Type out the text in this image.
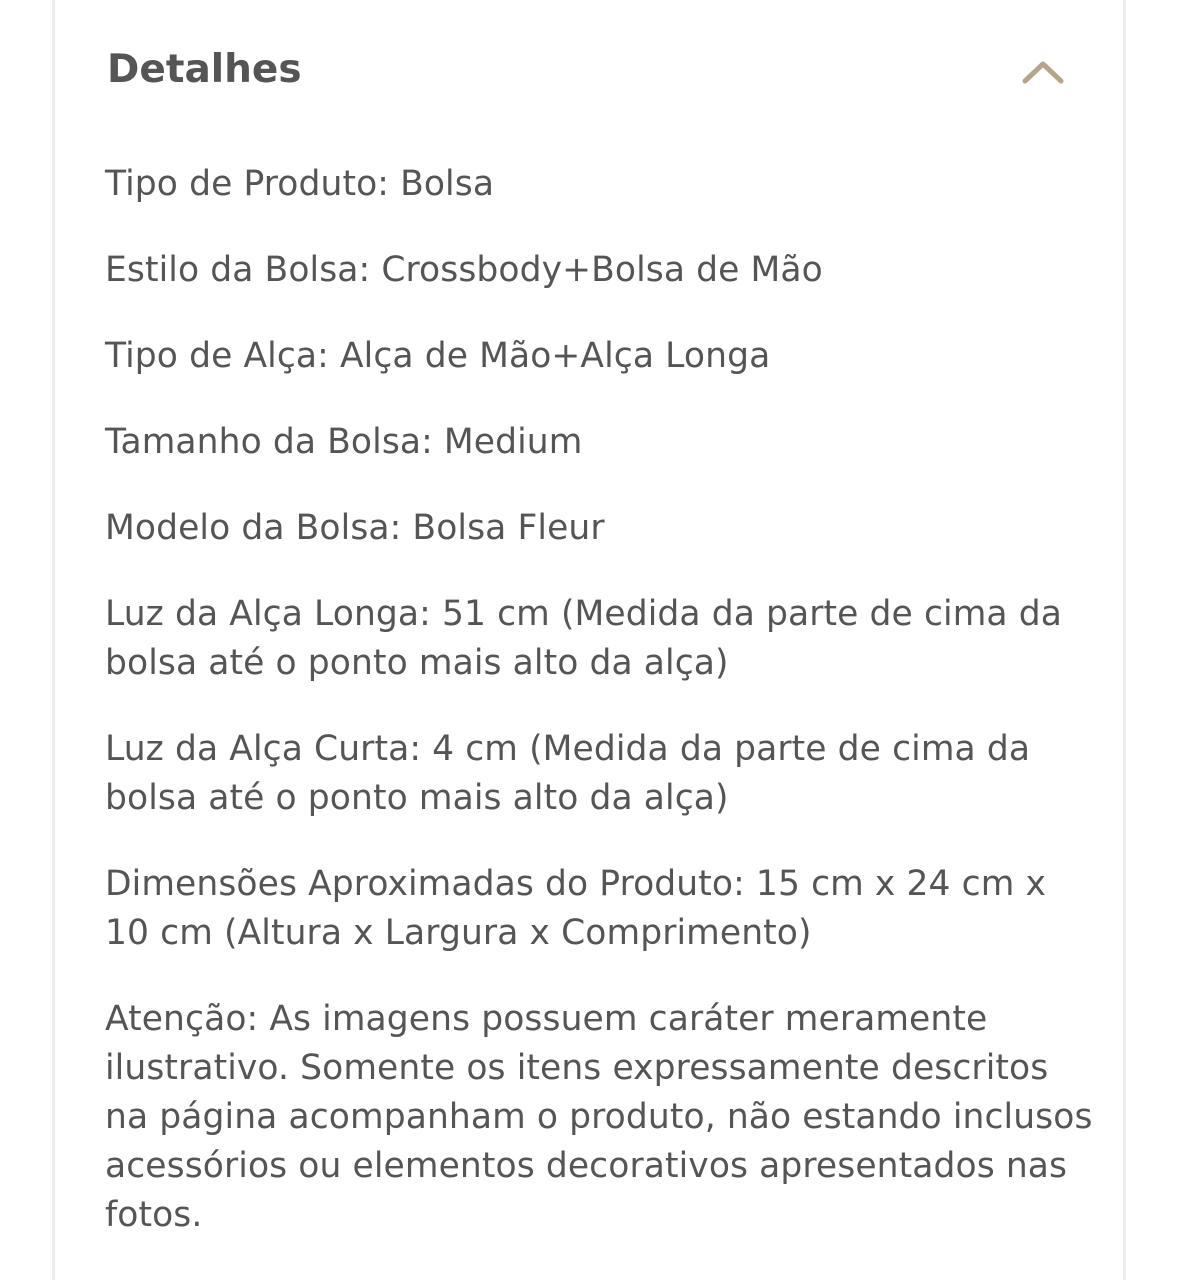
Detalhes

Tipo de Produto: Bolsa

Estilo da Bolsa: Crossbody+Bolsa de Mão

Tipo de Alça: Alça de Mão+Alça Longa

Tamanho da Bolsa: Medium

Modelo da Bolsa: Bolsa Fleur

Luz da Alça Longa: 51 cm (Medida da parte de cima da bolsa até o ponto mais alto da alça)

Luz da Alça Curta: 4 cm (Medida da parte de cima da bolsa até o ponto mais alto da alça)

Dimensões Aproximadas do Produto: 15 cm x 24 cm x 10 cm (Altura x Largura x Comprimento)

Atenção: As imagens possuem caráter meramente ilustrativo. Somente os itens expressamente descritos na página acompanham o produto, não estando inclusos acessórios ou elementos decorativos apresentados nas fotos.
